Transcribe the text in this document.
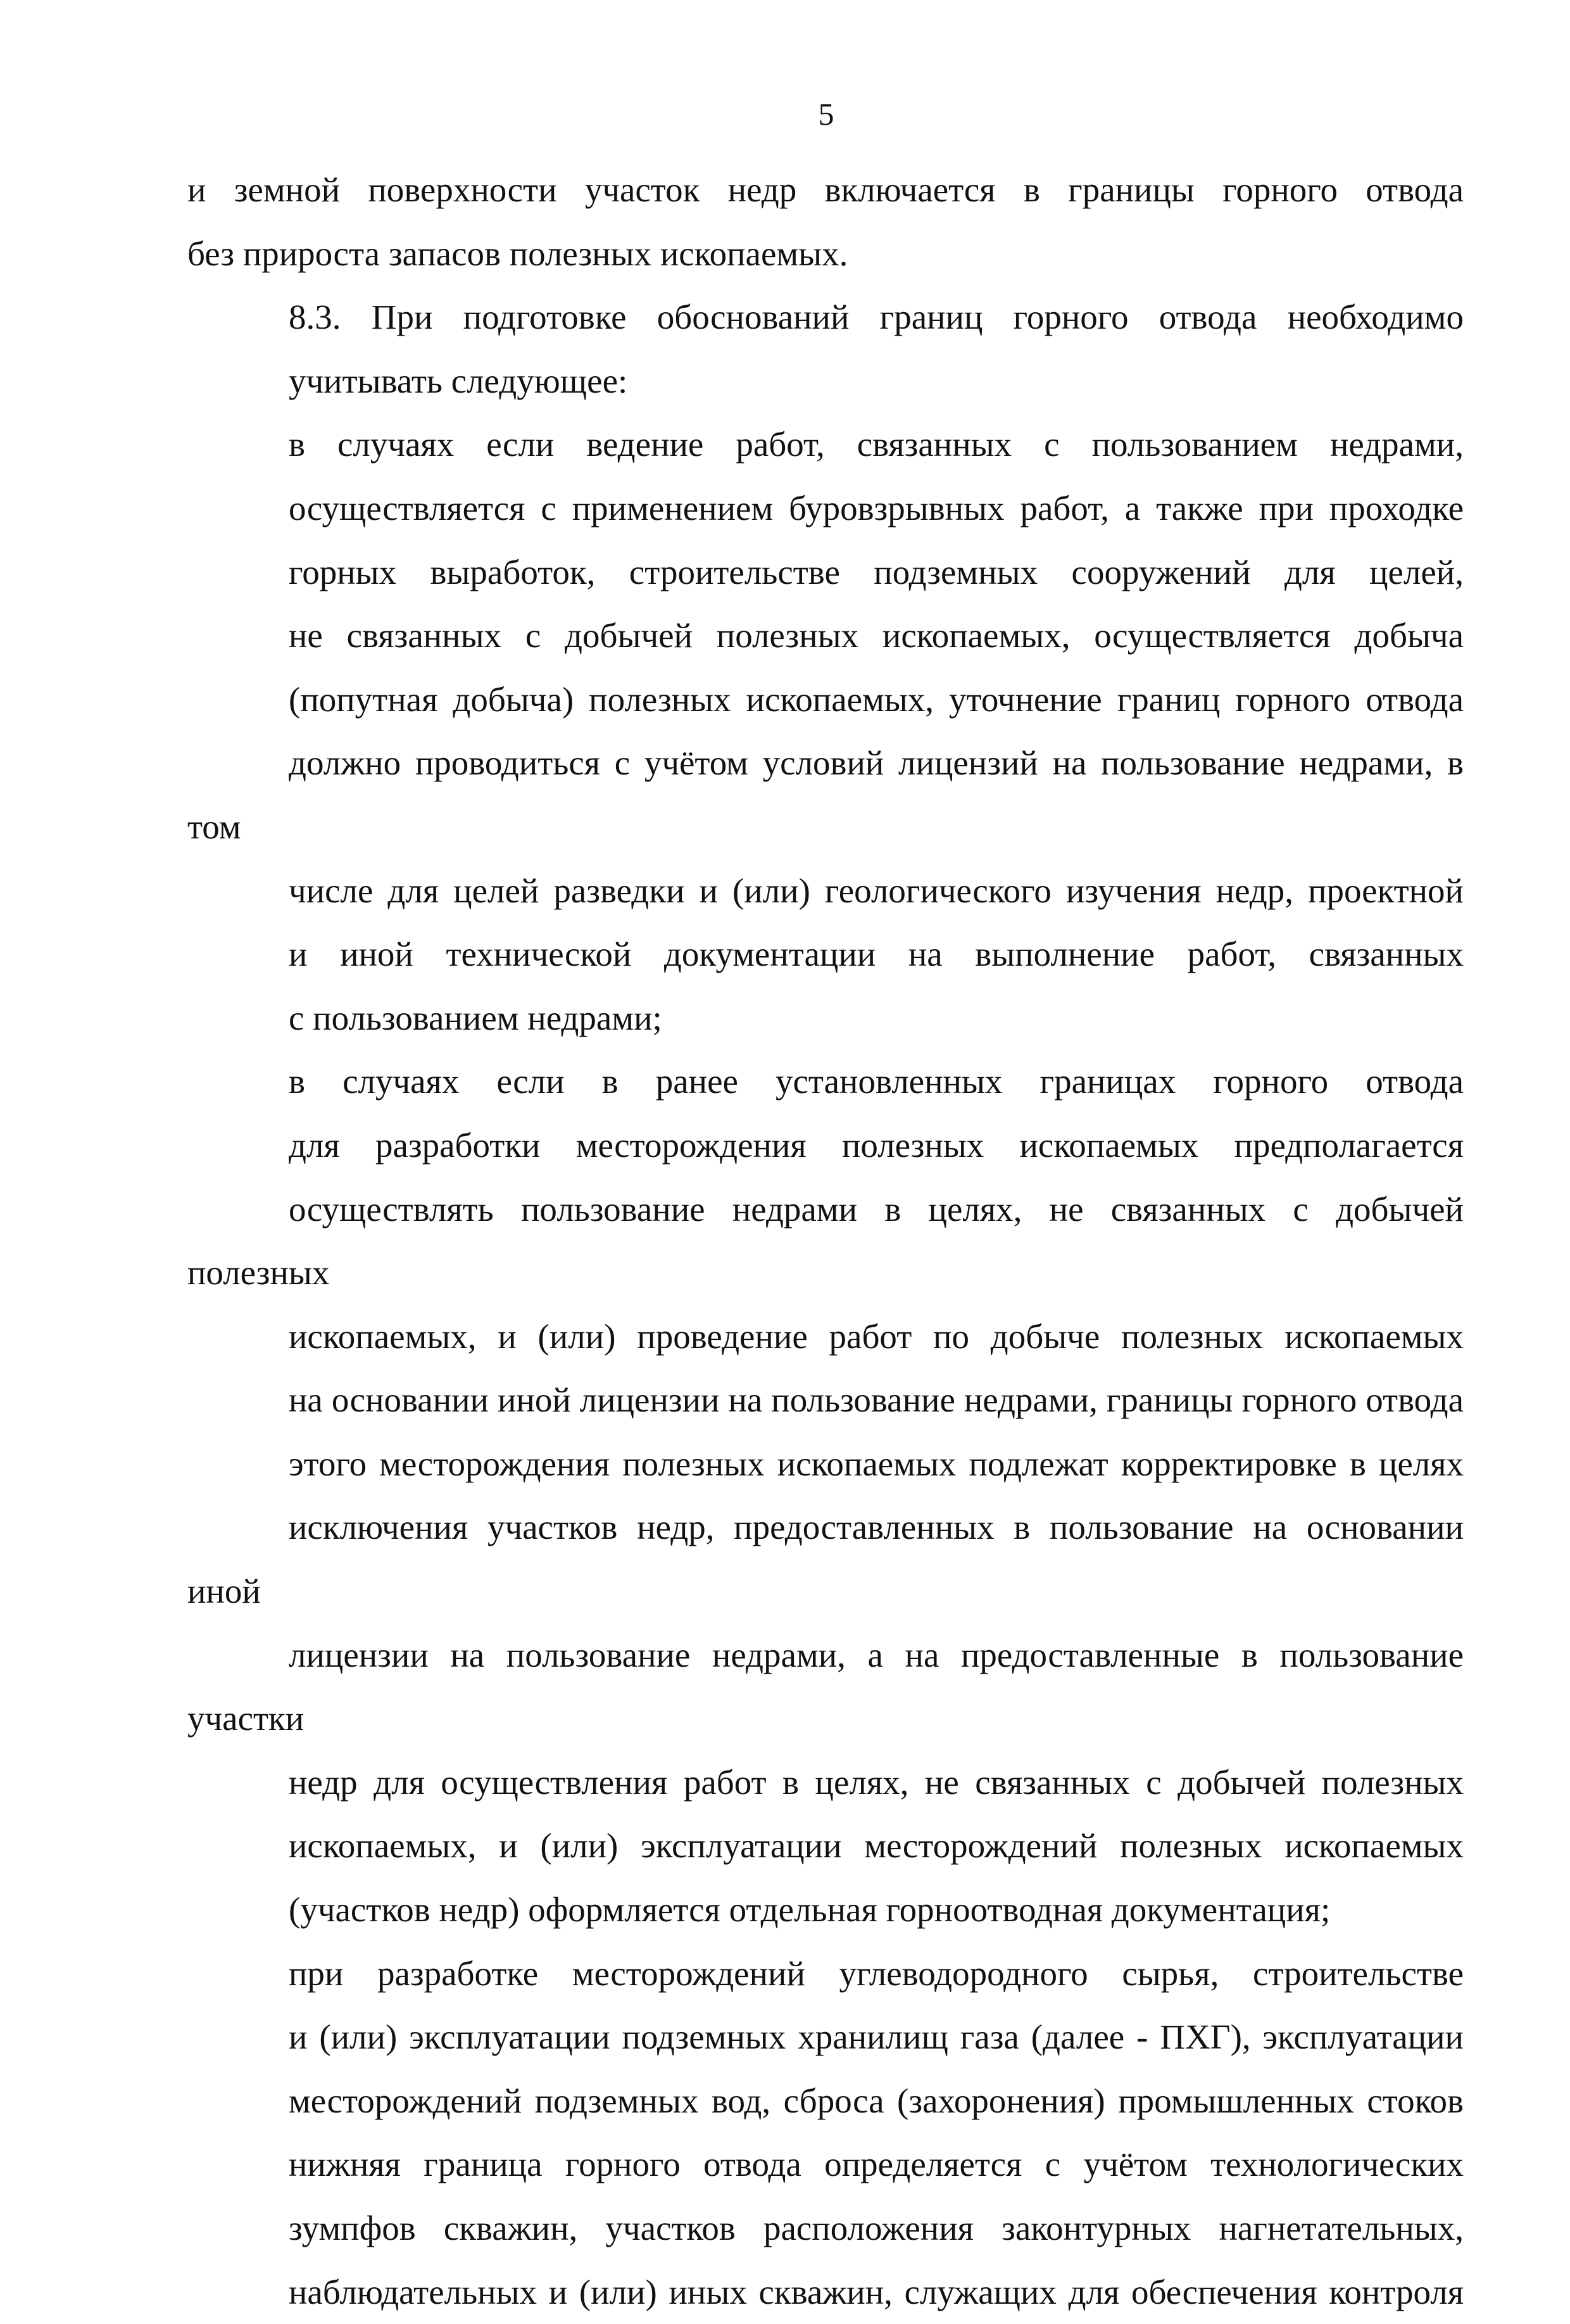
5

и земной поверхности участок недр включается в границы горного отвода
без прироста запасов полезных ископаемых.

8.3. При подготовке обоснований границ горного отвода необходимо
учитывать следующее:

в случаях если ведение работ, связанных с пользованием недрами,
осуществляется с применением буровзрывных работ, а также при проходке
горных выработок, строительстве подземных сооружений для целей,
не связанных с добычей полезных ископаемых, осуществляется добыча
(попутная добыча) полезных ископаемых, уточнение границ горного отвода
должно проводиться с учётом условий лицензий на пользование недрами, в том
числе для целей разведки и (или) геологического изучения недр, проектной
и иной технической документации на выполнение работ, связанных
с пользованием недрами;

в случаях если в ранее установленных границах горного отвода
для разработки месторождения полезных ископаемых предполагается
осуществлять пользование недрами в целях, не связанных с добычей полезных
ископаемых, и (или) проведение работ по добыче полезных ископаемых
на основании иной лицензии на пользование недрами, границы горного отвода
этого месторождения полезных ископаемых подлежат корректировке в целях
исключения участков недр, предоставленных в пользование на основании иной
лицензии на пользование недрами, а на предоставленные в пользование участки
недр для осуществления работ в целях, не связанных с добычей полезных
ископаемых, и (или) эксплуатации месторождений полезных ископаемых
(участков недр) оформляется отдельная горноотводная документация;

при разработке месторождений углеводородного сырья, строительстве
и (или) эксплуатации подземных хранилищ газа (далее - ПХГ), эксплуатации
месторождений подземных вод, сброса (захоронения) промышленных стоков
нижняя граница горного отвода определяется с учётом технологических
зумпфов скважин, участков расположения законтурных нагнетательных,
наблюдательных и (или) иных скважин, служащих для обеспечения контроля
